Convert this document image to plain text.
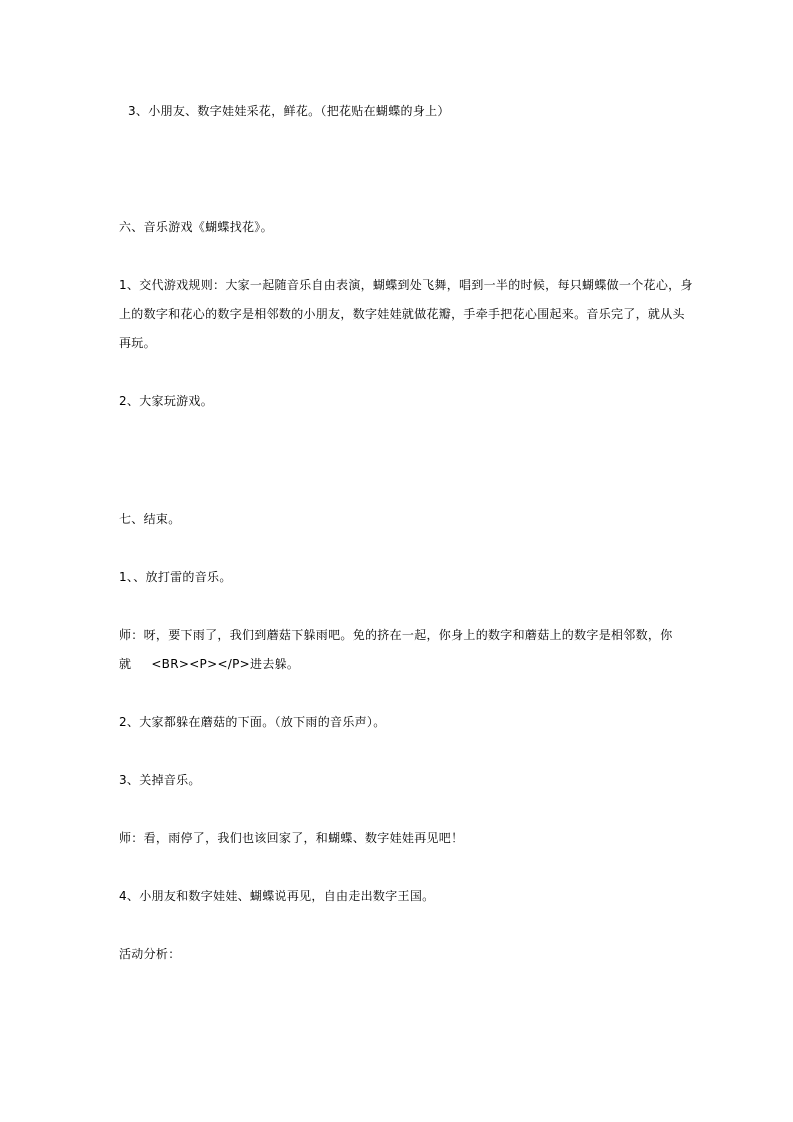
3、小朋友、数字娃娃采花，鲜花。（把花贴在蝴蝶的身上）

六、音乐游戏《蝴蝶找花》。

1、交代游戏规则：大家一起随音乐自由表演，蝴蝶到处飞舞，唱到一半的时候，每只蝴蝶做一个花心，身

上的数字和花心的数字是相邻数的小朋友，数字娃娃就做花瓣，手牵手把花心围起来。音乐完了，就从头

再玩。

2、大家玩游戏。

七、结束。

1、、放打雷的音乐。

师：呀，要下雨了，我们到蘑菇下躲雨吧。免的挤在一起，你身上的数字和蘑菇上的数字是相邻数，你

就 <BR><P></P>进去躲。

2、大家都躲在蘑菇的下面。（放下雨的音乐声）。

3、关掉音乐。

师：看，雨停了，我们也该回家了，和蝴蝶、数字娃娃再见吧！

4、小朋友和数字娃娃、蝴蝶说再见，自由走出数字王国。

活动分析：
